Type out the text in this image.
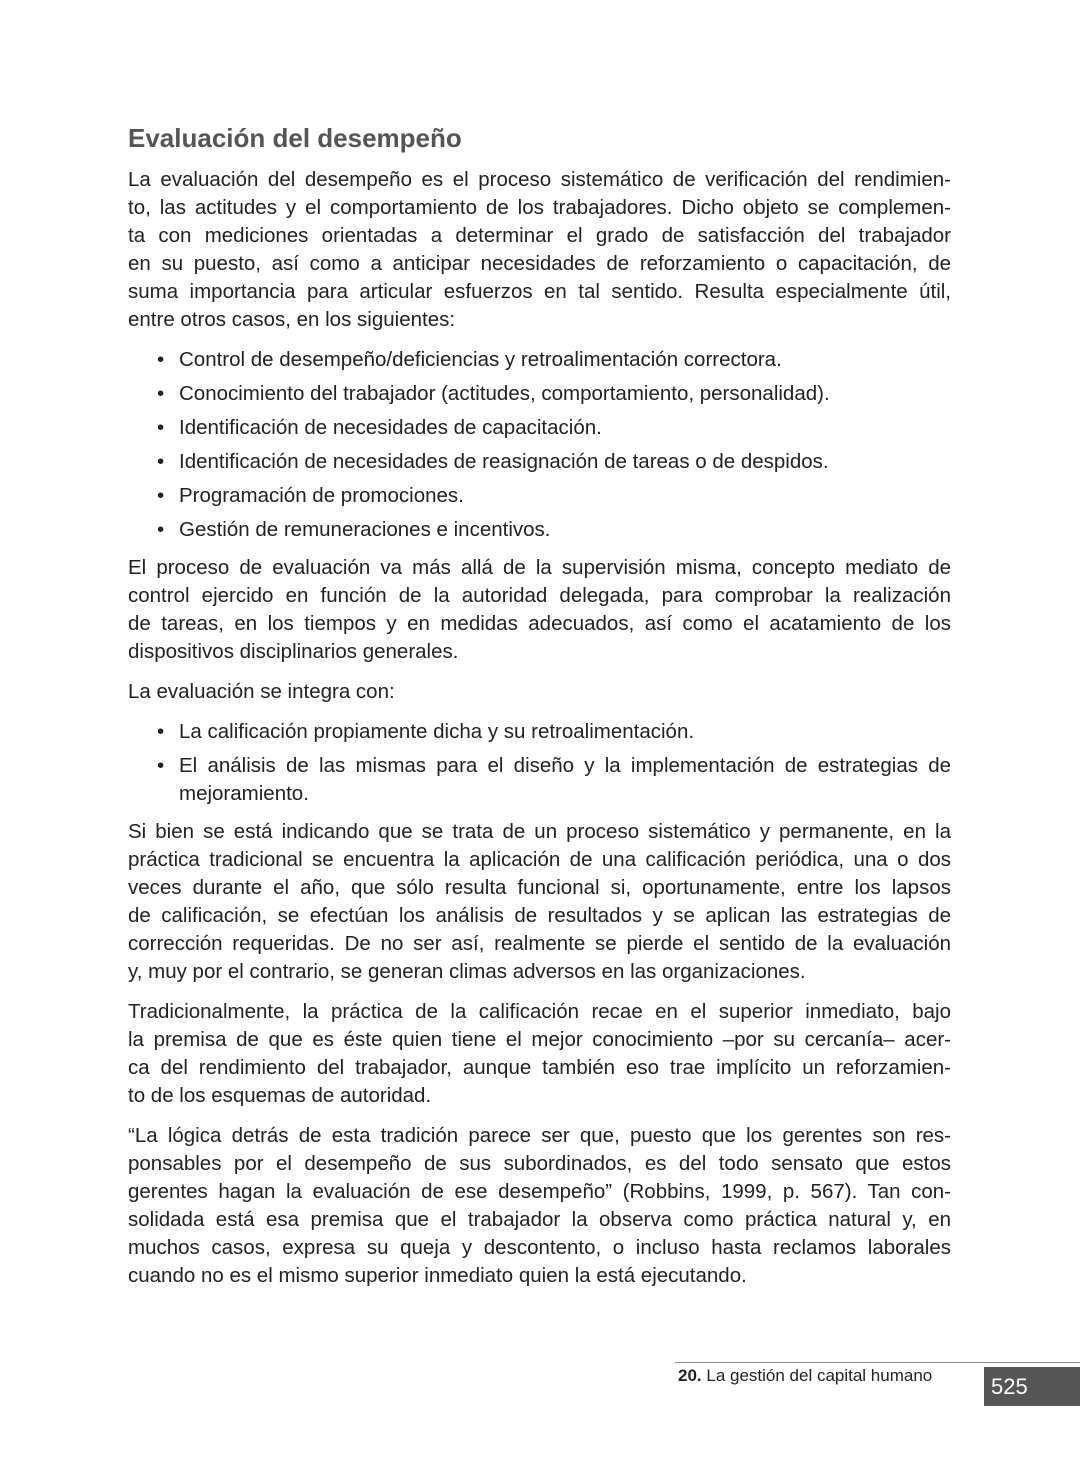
Evaluación del desempeño
La evaluación del desempeño es el proceso sistemático de verificación del rendimien-
to, las actitudes y el comportamiento de los trabajadores. Dicho objeto se complemen-
ta con mediciones orientadas a determinar el grado de satisfacción del trabajador
en su puesto, así como a anticipar necesidades de reforzamiento o capacitación, de
suma importancia para articular esfuerzos en tal sentido. Resulta especialmente útil,
entre otros casos, en los siguientes:
• Control de desempeño/deficiencias y retroalimentación correctora.
• Conocimiento del trabajador (actitudes, comportamiento, personalidad).
• Identificación de necesidades de capacitación.
• Identificación de necesidades de reasignación de tareas o de despidos.
• Programación de promociones.
• Gestión de remuneraciones e incentivos.
El proceso de evaluación va más allá de la supervisión misma, concepto mediato de
control ejercido en función de la autoridad delegada, para comprobar la realización
de tareas, en los tiempos y en medidas adecuados, así como el acatamiento de los
dispositivos disciplinarios generales.
La evaluación se integra con:
• La calificación propiamente dicha y su retroalimentación.
• El análisis de las mismas para el diseño y la implementación de estrategias de
mejoramiento.
Si bien se está indicando que se trata de un proceso sistemático y permanente, en la
práctica tradicional se encuentra la aplicación de una calificación periódica, una o dos
veces durante el año, que sólo resulta funcional si, oportunamente, entre los lapsos
de calificación, se efectúan los análisis de resultados y se aplican las estrategias de
corrección requeridas. De no ser así, realmente se pierde el sentido de la evaluación
y, muy por el contrario, se generan climas adversos en las organizaciones.
Tradicionalmente, la práctica de la calificación recae en el superior inmediato, bajo
la premisa de que es éste quien tiene el mejor conocimiento –por su cercanía– acer-
ca del rendimiento del trabajador, aunque también eso trae implícito un reforzamien-
to de los esquemas de autoridad.
“La lógica detrás de esta tradición parece ser que, puesto que los gerentes son res-
ponsables por el desempeño de sus subordinados, es del todo sensato que estos
gerentes hagan la evaluación de ese desempeño” (Robbins, 1999, p. 567). Tan con-
solidada está esa premisa que el trabajador la observa como práctica natural y, en
muchos casos, expresa su queja y descontento, o incluso hasta reclamos laborales
cuando no es el mismo superior inmediato quien la está ejecutando.
20. La gestión del capital humano	525
